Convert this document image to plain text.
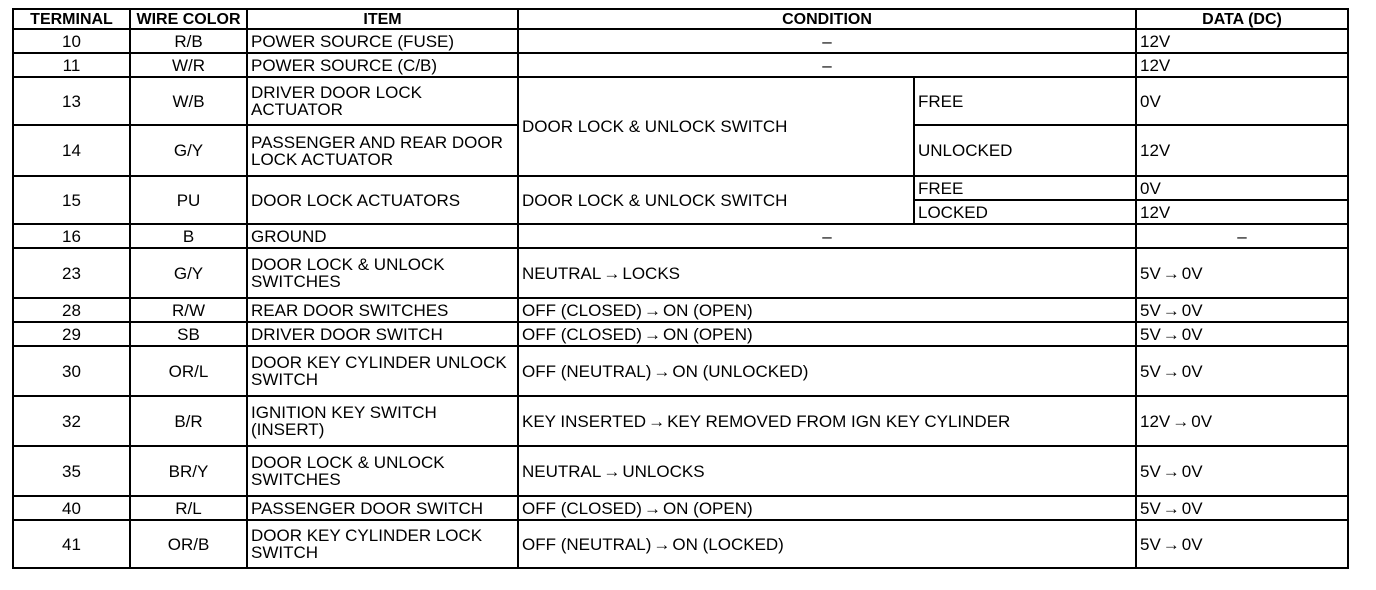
TERMINAL	WIRE COLOR	ITEM	CONDITION		DATA (DC)
10	R/B	POWER SOURCE (FUSE)	–		12V
11	W/R	POWER SOURCE (C/B)	–		12V
13	W/B	DRIVER DOOR LOCK ACTUATOR	DOOR LOCK & UNLOCK SWITCH	FREE	0V
14	G/Y	PASSENGER AND REAR DOOR LOCK ACTUATOR		UNLOCKED	12V
15	PU	DOOR LOCK ACTUATORS	DOOR LOCK & UNLOCK SWITCH	FREE	0V
				LOCKED	12V
16	B	GROUND	–		–
23	G/Y	DOOR LOCK & UNLOCK SWITCHES	NEUTRAL → LOCKS		5V → 0V
28	R/W	REAR DOOR SWITCHES	OFF (CLOSED) → ON (OPEN)		5V → 0V
29	SB	DRIVER DOOR SWITCH	OFF (CLOSED) → ON (OPEN)		5V → 0V
30	OR/L	DOOR KEY CYLINDER UNLOCK SWITCH	OFF (NEUTRAL) → ON (UNLOCKED)		5V → 0V
32	B/R	IGNITION KEY SWITCH (INSERT)	KEY INSERTED → KEY REMOVED FROM IGN KEY CYLINDER		12V → 0V
35	BR/Y	DOOR LOCK & UNLOCK SWITCHES	NEUTRAL → UNLOCKS		5V → 0V
40	R/L	PASSENGER DOOR SWITCH	OFF (CLOSED) → ON (OPEN)		5V → 0V
41	OR/B	DOOR KEY CYLINDER LOCK SWITCH	OFF (NEUTRAL) → ON (LOCKED)		5V → 0V
